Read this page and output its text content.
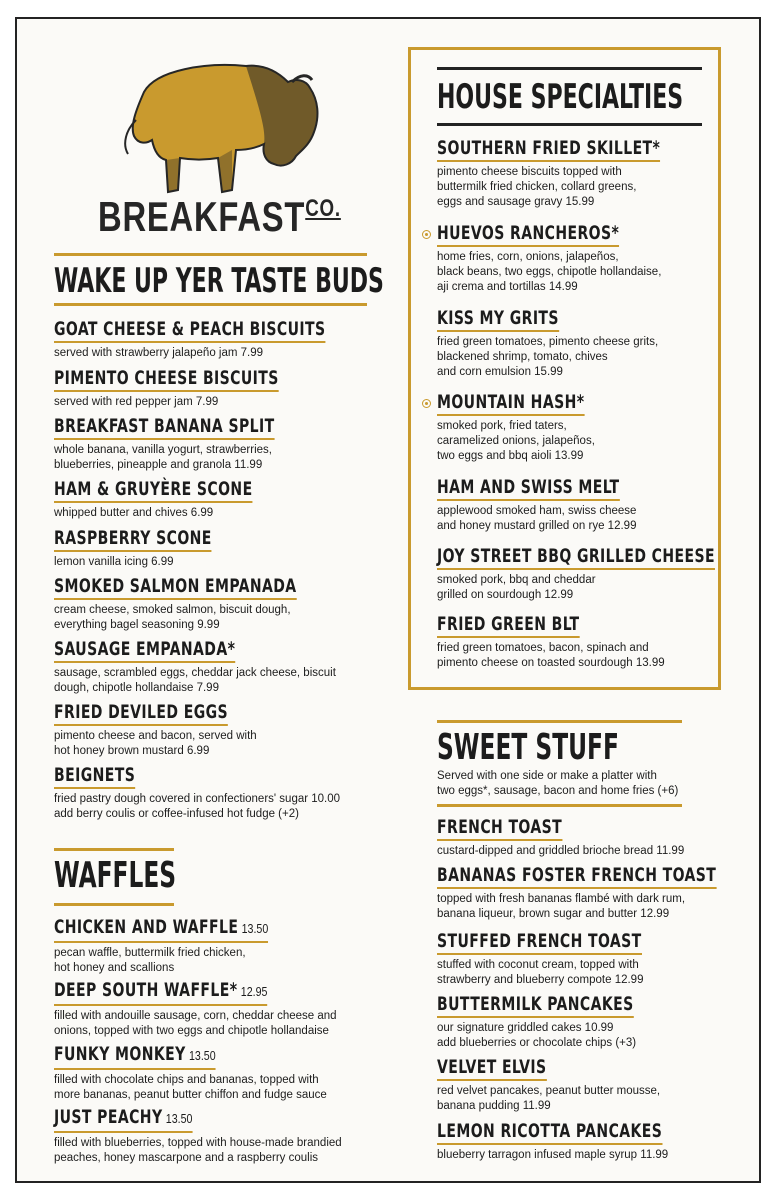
$BREAKFAST^{CO.}$
WAKE UP YER TASTE BUDS
GOAT CHEESE & PEACH BISCUITS
served with strawberry jalapeño jam 7.99
PIMENTO CHEESE BISCUITS
served with red pepper jam 7.99
BREAKFAST BANANA SPLIT
whole banana, vanilla yogurt, strawberries,
blueberries, pineapple and granola 11.99
HAM & GRUYÈRE SCONE
whipped butter and chives 6.99
RASPBERRY SCONE
lemon vanilla icing 6.99
SMOKED SALMON EMPANADA
cream cheese, smoked salmon, biscuit dough,
everything bagel seasoning 9.99
SAUSAGE EMPANADA*
sausage, scrambled eggs, cheddar jack cheese, biscuit
dough, chipotle hollandaise 7.99
FRIED DEVILED EGGS
pimento cheese and bacon, served with
hot honey brown mustard 6.99
BEIGNETS
fried pastry dough covered in confectioners' sugar 10.00
add berry coulis or coffee-infused hot fudge (+2)
WAFFLES
CHICKEN AND WAFFLE 13.50
pecan waffle, buttermilk fried chicken,
hot honey and scallions
DEEP SOUTH WAFFLE* 12.95
filled with andouille sausage, corn, cheddar cheese and
onions, topped with two eggs and chipotle hollandaise
FUNKY MONKEY 13.50
filled with chocolate chips and bananas, topped with
more bananas, peanut butter chiffon and fudge sauce
JUST PEACHY 13.50
filled with blueberries, topped with house-made brandied
peaches, honey mascarpone and a raspberry coulis
HOUSE SPECIALTIES
SOUTHERN FRIED SKILLET*
pimento cheese biscuits topped with
buttermilk fried chicken, collard greens,
eggs and sausage gravy 15.99
HUEVOS RANCHEROS*
home fries, corn, onions, jalapeños,
black beans, two eggs, chipotle hollandaise,
aji crema and tortillas 14.99
KISS MY GRITS
fried green tomatoes, pimento cheese grits,
blackened shrimp, tomato, chives
and corn emulsion 15.99
MOUNTAIN HASH*
smoked pork, fried taters,
caramelized onions, jalapeños,
two eggs and bbq aioli 13.99
HAM AND SWISS MELT
applewood smoked ham, swiss cheese
and honey mustard grilled on rye 12.99
JOY STREET BBQ GRILLED CHEESE
smoked pork, bbq and cheddar
grilled on sourdough 12.99
FRIED GREEN BLT
fried green tomatoes, bacon, spinach and
pimento cheese on toasted sourdough 13.99
SWEET STUFF
Served with one side or make a platter with
two eggs*, sausage, bacon and home fries (+6)
FRENCH TOAST
custard-dipped and griddled brioche bread 11.99
BANANAS FOSTER FRENCH TOAST
topped with fresh bananas flambé with dark rum,
banana liqueur, brown sugar and butter 12.99
STUFFED FRENCH TOAST
stuffed with coconut cream, topped with
strawberry and blueberry compote 12.99
BUTTERMILK PANCAKES
our signature griddled cakes 10.99
add blueberries or chocolate chips (+3)
VELVET ELVIS
red velvet pancakes, peanut butter mousse,
banana pudding 11.99
LEMON RICOTTA PANCAKES
blueberry tarragon infused maple syrup 11.99
